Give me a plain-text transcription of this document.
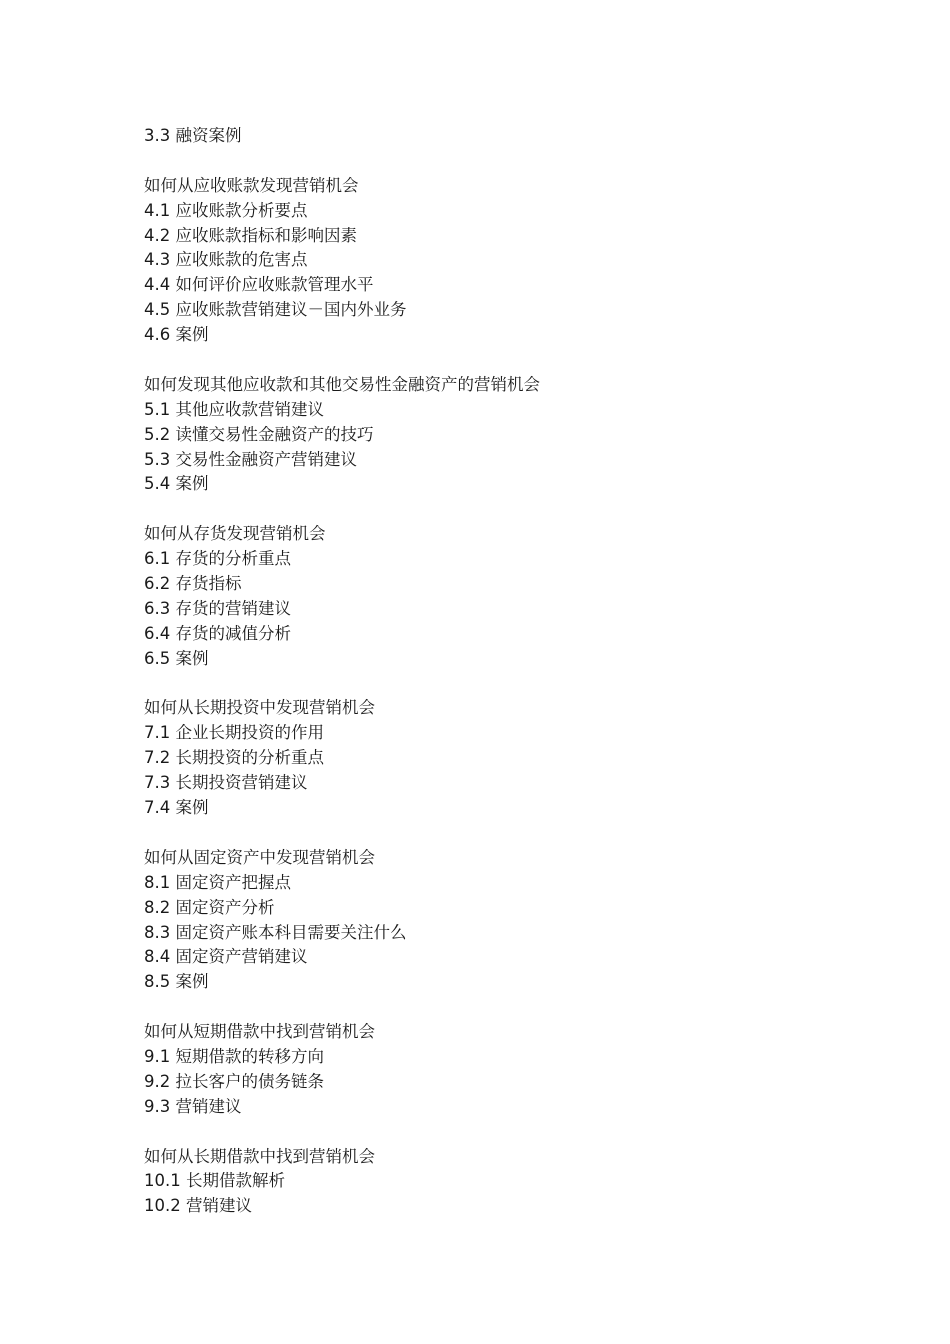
3.3 融资案例
如何从应收账款发现营销机会
4.1 应收账款分析要点
4.2 应收账款指标和影响因素
4.3 应收账款的危害点
4.4 如何评价应收账款管理水平
4.5 应收账款营销建议－国内外业务
4.6 案例
如何发现其他应收款和其他交易性金融资产的营销机会
5.1 其他应收款营销建议
5.2 读懂交易性金融资产的技巧
5.3 交易性金融资产营销建议
5.4 案例
如何从存货发现营销机会
6.1 存货的分析重点
6.2 存货指标
6.3 存货的营销建议
6.4 存货的减值分析
6.5 案例
如何从长期投资中发现营销机会
7.1 企业长期投资的作用
7.2 长期投资的分析重点
7.3 长期投资营销建议
7.4 案例
如何从固定资产中发现营销机会
8.1 固定资产把握点
8.2 固定资产分析
8.3 固定资产账本科目需要关注什么
8.4 固定资产营销建议
8.5 案例
如何从短期借款中找到营销机会
9.1 短期借款的转移方向
9.2 拉长客户的债务链条
9.3 营销建议
如何从长期借款中找到营销机会
10.1 长期借款解析
10.2 营销建议
